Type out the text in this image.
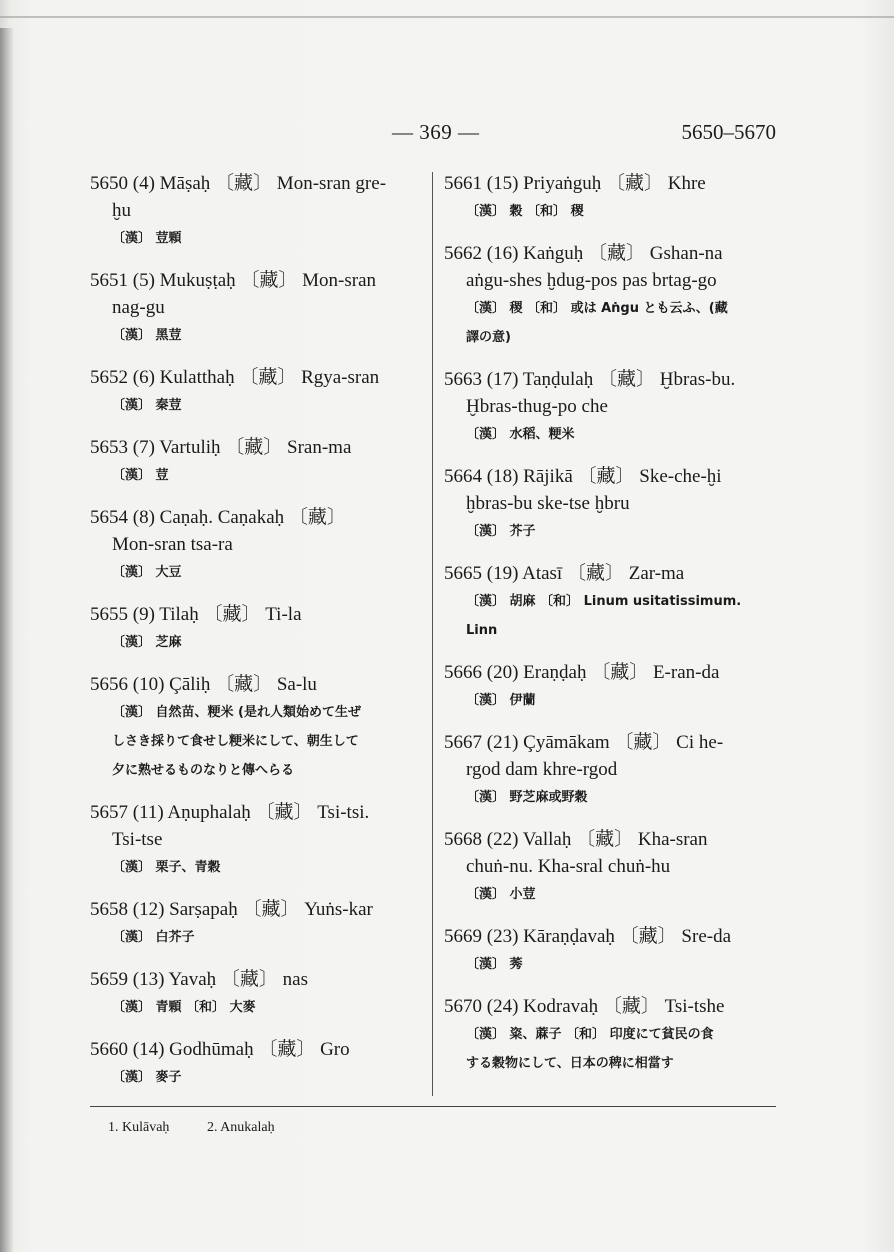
— 369 —	5650–5670
5650 (4) Māṣaḥ 〔藏〕 Mon-sran gre-
ḫu
〔漢〕 荳顆
5651 (5) Mukuṣṭaḥ 〔藏〕 Mon-sran
nag-gu
〔漢〕 黑荳
5652 (6) Kulatthaḥ 〔藏〕 Rgya-sran
〔漢〕 秦荳
5653 (7) Vartuliḥ 〔藏〕 Sran-ma
〔漢〕 荳
5654 (8) Caṇaḥ. Caṇakaḥ 〔藏〕
Mon-sran tsa-ra
〔漢〕 大豆
5655 (9) Tilaḥ 〔藏〕 Ti-la
〔漢〕 芝麻
5656 (10) Çāliḥ 〔藏〕 Sa-lu
〔漢〕 自然苗、粳米 (是れ人類始めて生ぜ
しさき採りて食せし粳米にして、朝生して
夕に熟せるものなりと傳へらる
5657 (11) Aṇuphalaḥ 〔藏〕 Tsi-tsi.
Tsi-tse
〔漢〕 栗子、青穀
5658 (12) Sarṣapaḥ 〔藏〕 Yuṅs-kar
〔漢〕 白芥子
5659 (13) Yavaḥ 〔藏〕 nas
〔漢〕 青顆 〔和〕 大麥
5660 (14) Godhūmaḥ 〔藏〕 Gro
〔漢〕 麥子
5661 (15) Priyaṅguḥ 〔藏〕 Khre
〔漢〕 穀 〔和〕 稷
5662 (16) Kaṅguḥ 〔藏〕 Gshan-na
aṅgu-shes ḫdug-pos pas brtag-go
〔漢〕 稷 〔和〕 或は Aṅgu とも云ふ、(藏
譯の意)
5663 (17) Taṇḍulaḥ 〔藏〕 Ḫbras-bu.
Ḫbras-thug-po che
〔漢〕 水稻、粳米
5664 (18) Rājikā 〔藏〕 Ske-che-ḫi
ḫbras-bu ske-tse ḫbru
〔漢〕 芥子
5665 (19) Atasī 〔藏〕 Zar-ma
〔漢〕 胡麻 〔和〕 Linum usitatissimum.
Linn
5666 (20) Eraṇḍaḥ 〔藏〕 E-ran-da
〔漢〕 伊蘭
5667 (21) Çyāmākam 〔藏〕 Ci he-
rgod dam khre-rgod
〔漢〕 野芝麻或野穀
5668 (22) Vallaḥ 〔藏〕 Kha-sran
chuṅ-nu. Kha-sral chuṅ-hu
〔漢〕 小荳
5669 (23) Kāraṇḍavaḥ 〔藏〕 Sre-da
〔漢〕 莠
5670 (24) Kodravaḥ 〔藏〕 Tsi-tshe
〔漢〕 粢、蔴子 〔和〕 印度にて貧民の食
する穀物にして、日本の稗に相當す
1. Kulāvaḥ	2. Anukalaḥ
